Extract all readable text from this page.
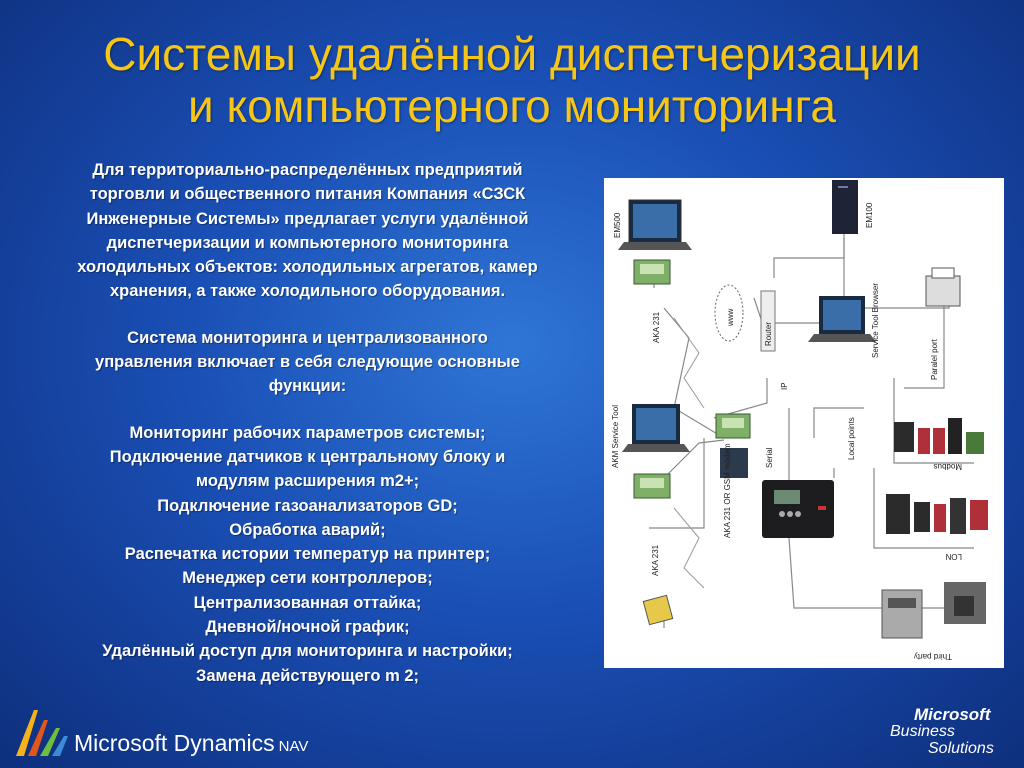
Системы удалённой диспетчеризации
и компьютерного мониторинга

Для территориально-распределённых предприятий

торговли и общественного питания Компания «СЗСК

Инженерные Системы» предлагает услуги удалённой

диспетчеризации и компьютерного мониторинга

холодильных объектов: холодильных агрегатов, камер

хранения, а также холодильного оборудования.

Система мониторинга и централизованного

управления включает в себя следующие основные

функции:

Мониторинг рабочих параметров системы;

Подключение датчиков к центральному блоку и

модулям расширения m2+;

Подключение газоанализаторов GD;

Обработка аварий;

Распечатка истории температур на принтер;

Менеджер сети контроллеров;

Централизованная оттайка;

Дневной/ночной график;

Удалённый доступ для мониторинга и настройки;

Замена действующего m 2;

EM500
AKA 231
EM100
www
Router	Service Tool Browser
Paralel port
IP
AKM Service Tool	Serial	Local points
Modbus
LON
AKA 231 OR GSM modem
AKA 231
Third party
Microsoft Dynamics NAV
Microsoft
Business
Solutions
